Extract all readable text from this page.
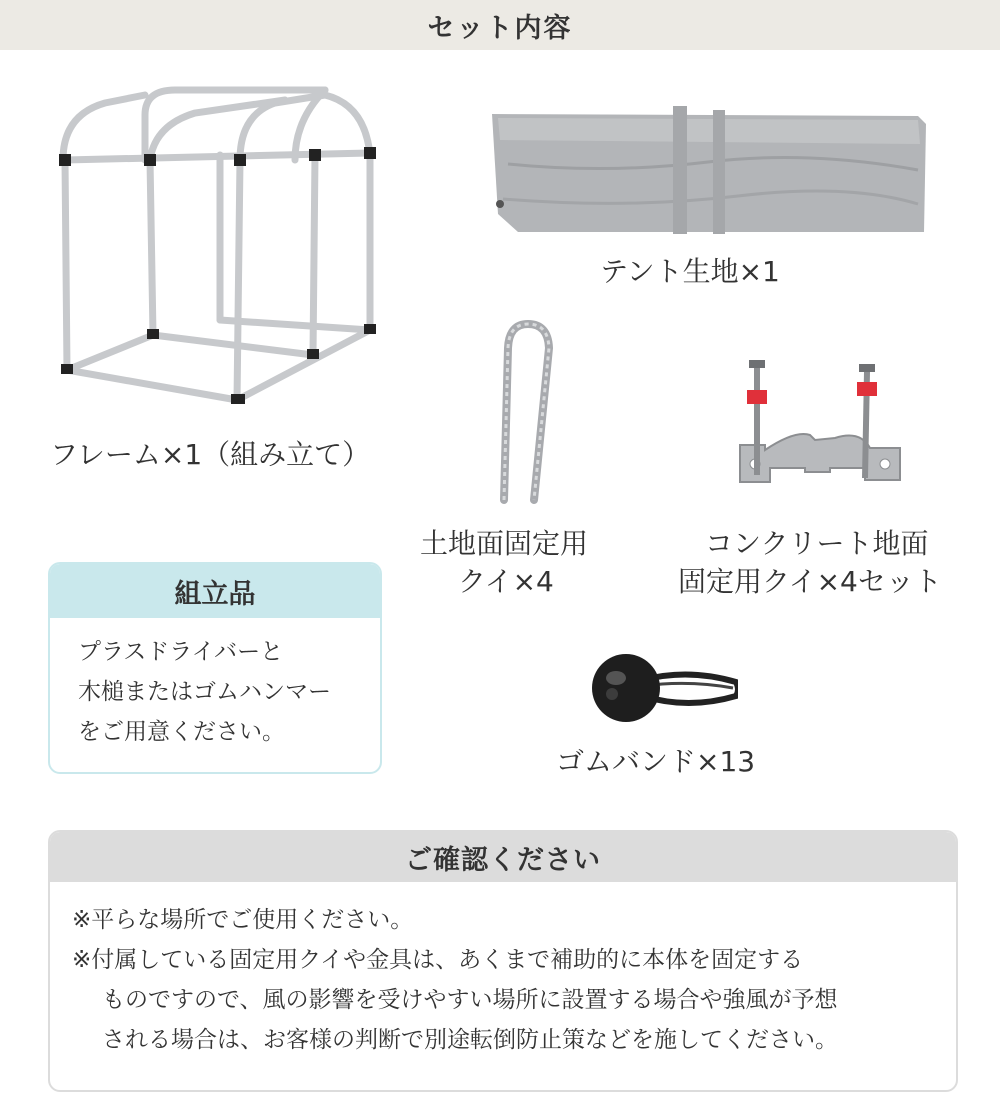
セット内容
フレーム×1（組み立て）
テント生地×1
土地面固定用
クイ×4
コンクリート地面
固定用クイ×4セット
ゴムバンド×13
組立品
プラスドライバーと
木槌またはゴムハンマー
をご用意ください。
ご確認ください
※平らな場所でご使用ください。
※付属している固定用クイや金具は、あくまで補助的に本体を固定する
ものですので、風の影響を受けやすい場所に設置する場合や強風が予想
される場合は、お客様の判断で別途転倒防止策などを施してください。
